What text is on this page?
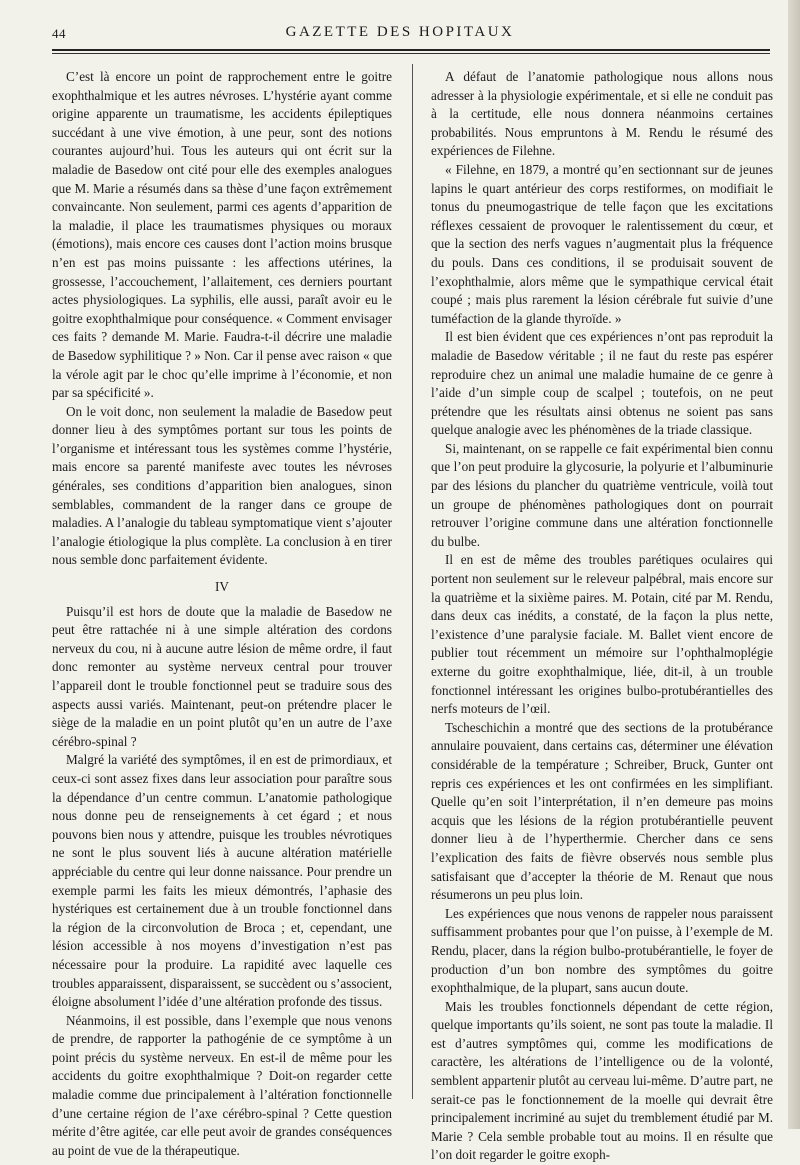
44	GAZETTE DES HOPITAUX

C’est là encore un point de rapprochement entre le goitre exophthalmique et les autres névroses. L’hystérie ayant comme origine apparente un traumatisme, les accidents épileptiques succédant à une vive émotion, à une peur, sont des notions courantes aujourd’hui. Tous les auteurs qui ont écrit sur la maladie de Basedow ont cité pour elle des exemples analogues que M. Marie a résumés dans sa thèse d’une façon extrêmement convaincante. Non seulement, parmi ces agents d’apparition de la maladie, il place les traumatismes physiques ou moraux (émotions), mais encore ces causes dont l’action moins brusque n’en est pas moins puissante : les affections utérines, la grossesse, l’accouchement, l’allaitement, ces derniers pourtant actes physiologiques. La syphilis, elle aussi, paraît avoir eu le goitre exophthalmique pour conséquence. « Comment envisager ces faits ? demande M. Marie. Faudra-t-il décrire une maladie de Basedow syphilitique ? » Non. Car il pense avec raison « que la vérole agit par le choc qu’elle imprime à l’économie, et non par sa spécificité ».

On le voit donc, non seulement la maladie de Basedow peut donner lieu à des symptômes portant sur tous les points de l’organisme et intéressant tous les systèmes comme l’hystérie, mais encore sa parenté manifeste avec toutes les névroses générales, ses conditions d’apparition bien analogues, sinon semblables, commandent de la ranger dans ce groupe de maladies. A l’analogie du tableau symptomatique vient s’ajouter l’analogie étiologique la plus complète. La conclusion à en tirer nous semble donc parfaitement évidente.

IV

Puisqu’il est hors de doute que la maladie de Basedow ne peut être rattachée ni à une simple altération des cordons nerveux du cou, ni à aucune autre lésion de même ordre, il faut donc remonter au système nerveux central pour trouver l’appareil dont le trouble fonctionnel peut se traduire sous des aspects aussi variés. Maintenant, peut-on prétendre placer le siège de la maladie en un point plutôt qu’en un autre de l’axe cérébro-spinal ?

Malgré la variété des symptômes, il en est de primordiaux, et ceux-ci sont assez fixes dans leur association pour paraître sous la dépendance d’un centre commun. L’anatomie pathologique nous donne peu de renseignements à cet égard ; et nous pouvons bien nous y attendre, puisque les troubles névrotiques ne sont le plus souvent liés à aucune altération matérielle appréciable du centre qui leur donne naissance. Pour prendre un exemple parmi les faits les mieux démontrés, l’aphasie des hystériques est certainement due à un trouble fonctionnel dans la région de la circonvolution de Broca ; et, cependant, une lésion accessible à nos moyens d’investigation n’est pas nécessaire pour la produire. La rapidité avec laquelle ces troubles apparaissent, disparaissent, se succèdent ou s’associent, éloigne absolument l’idée d’une altération profonde des tissus.

Néanmoins, il est possible, dans l’exemple que nous venons de prendre, de rapporter la pathogénie de ce symptôme à un point précis du système nerveux. En est-il de même pour les accidents du goitre exophthalmique ? Doit-on regarder cette maladie comme due principalement à l’altération fonctionnelle d’une certaine région de l’axe cérébro-spinal ? Cette question mérite d’être agitée, car elle peut avoir de grandes conséquences au point de vue de la thérapeutique.

A défaut de l’anatomie pathologique nous allons nous adresser à la physiologie expérimentale, et si elle ne conduit pas à la certitude, elle nous donnera néanmoins certaines probabilités. Nous empruntons à M. Rendu le résumé des expériences de Filehne.

« Filehne, en 1879, a montré qu’en sectionnant sur de jeunes lapins le quart antérieur des corps restiformes, on modifiait le tonus du pneumogastrique de telle façon que les excitations réflexes cessaient de provoquer le ralentissement du cœur, et que la section des nerfs vagues n’augmentait plus la fréquence du pouls. Dans ces conditions, il se produisait souvent de l’exophthalmie, alors même que le sympathique cervical était coupé ; mais plus rarement la lésion cérébrale fut suivie d’une tuméfaction de la glande thyroïde. »

Il est bien évident que ces expériences n’ont pas reproduit la maladie de Basedow véritable ; il ne faut du reste pas espérer reproduire chez un animal une maladie humaine de ce genre à l’aide d’un simple coup de scalpel ; toutefois, on ne peut prétendre que les résultats ainsi obtenus ne soient pas sans quelque analogie avec les phénomènes de la triade classique.

Si, maintenant, on se rappelle ce fait expérimental bien connu que l’on peut produire la glycosurie, la polyurie et l’albuminurie par des lésions du plancher du quatrième ventricule, voilà tout un groupe de phénomènes pathologiques dont on pourrait retrouver l’origine commune dans une altération fonctionnelle du bulbe.

Il en est de même des troubles parétiques oculaires qui portent non seulement sur le releveur palpébral, mais encore sur la quatrième et la sixième paires. M. Potain, cité par M. Rendu, dans deux cas inédits, a constaté, de la façon la plus nette, l’existence d’une paralysie faciale. M. Ballet vient encore de publier tout récemment un mémoire sur l’ophthalmoplégie externe du goitre exophthalmique, liée, dit-il, à un trouble fonctionnel intéressant les origines bulbo-protubérantielles des nerfs moteurs de l’œil.

Tscheschichin a montré que des sections de la protubérance annulaire pouvaient, dans certains cas, déterminer une élévation considérable de la température ; Schreiber, Bruck, Gunter ont repris ces expériences et les ont confirmées en les simplifiant. Quelle qu’en soit l’interprétation, il n’en demeure pas moins acquis que les lésions de la région protubérantielle peuvent donner lieu à de l’hyperthermie. Chercher dans ce sens l’explication des faits de fièvre observés nous semble plus satisfaisant que d’accepter la théorie de M. Renaut que nous résumerons un peu plus loin.

Les expériences que nous venons de rappeler nous paraissent suffisamment probantes pour que l’on puisse, à l’exemple de M. Rendu, placer, dans la région bulbo-protubérantielle, le foyer de production d’un bon nombre des symptômes du goitre exophthalmique, de la plupart, sans aucun doute.

Mais les troubles fonctionnels dépendant de cette région, quelque importants qu’ils soient, ne sont pas toute la maladie. Il est d’autres symptômes qui, comme les modifications de caractère, les altérations de l’intelligence ou de la volonté, semblent appartenir plutôt au cerveau lui-même. D’autre part, ne serait-ce pas le fonctionnement de la moelle qui devrait être principalement incriminé au sujet du tremblement étudié par M. Marie ? Cela semble probable tout au moins. Il en résulte que l’on doit regarder le goitre exoph-
